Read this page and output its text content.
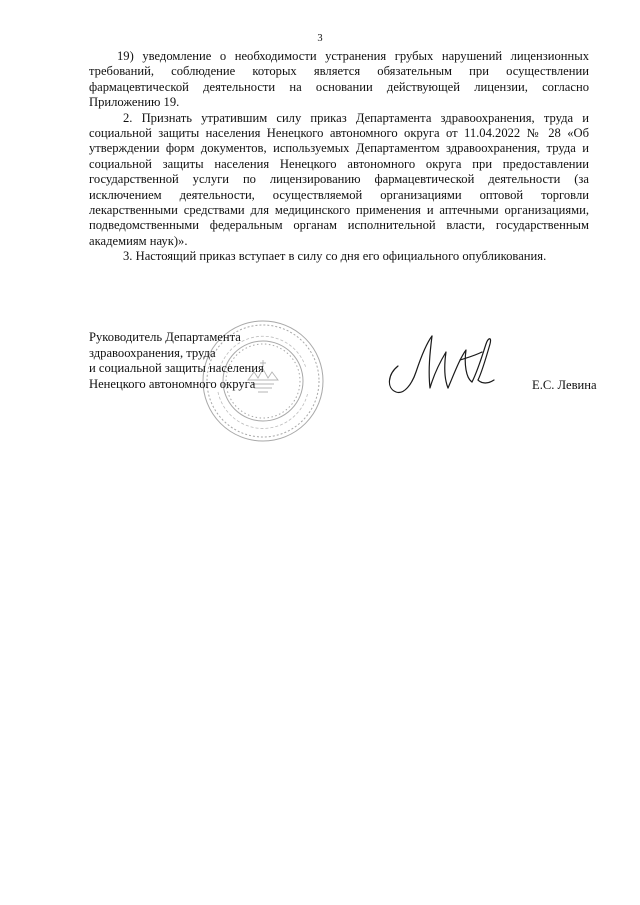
3

19) уведомление о необходимости устранения грубых нарушений лицензионных требований, соблюдение которых является обязательным при осуществлении фармацевтической деятельности на основании действующей лицензии, согласно Приложению 19.

2. Признать утратившим силу приказ Департамента здравоохранения, труда и социальной защиты населения Ненецкого автономного округа от 11.04.2022 № 28 «Об утверждении форм документов, используемых Департаментом здравоохранения, труда и социальной защиты населения Ненецкого автономного округа при предоставлении государственной услуги по лицензированию фармацевтической деятельности (за исключением деятельности, осуществляемой организациями оптовой торговли лекарственными средствами для медицинского применения и аптечными организациями, подведомственными федеральным органам исполнительной власти, государственным академиям наук)».

3. Настоящий приказ вступает в силу со дня его официального опубликования.

Руководитель Департамента
здравоохранения, труда
и социальной защиты населения
Ненецкого автономного округа	Е.С. Левина
